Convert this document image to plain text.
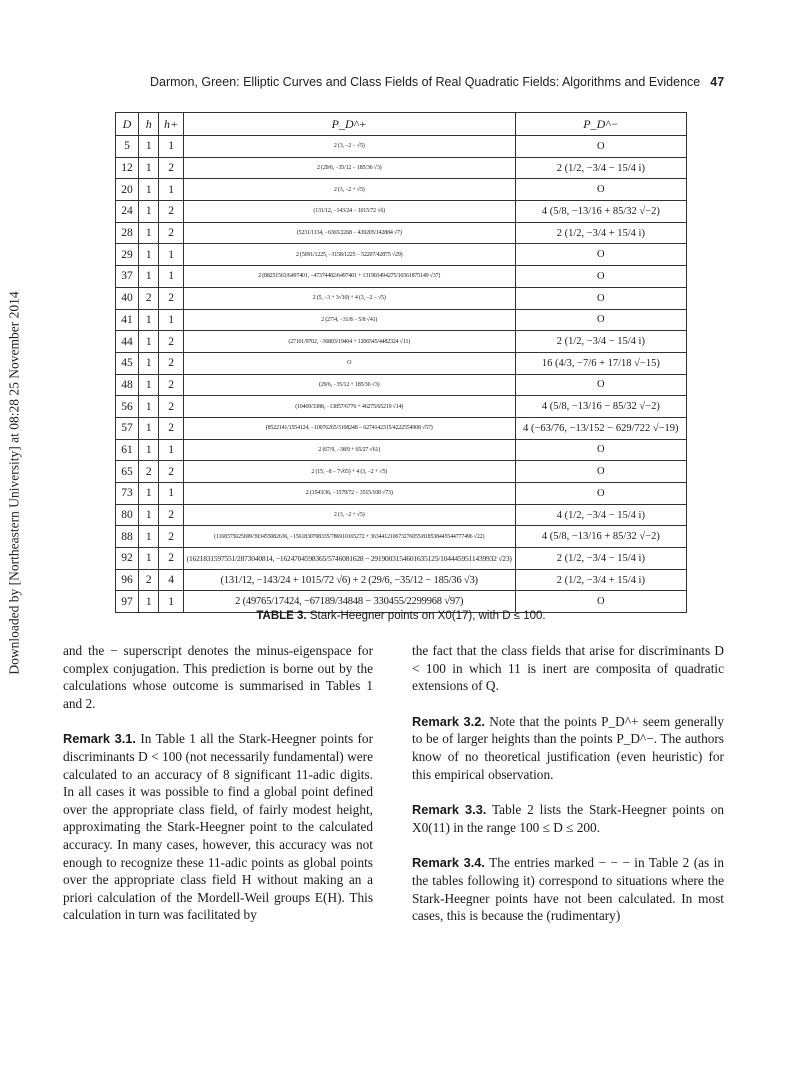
Downloaded by [Northeastern University] at 08:28 25 November 2014
Darmon, Green: Elliptic Curves and Class Fields of Real Quadratic Fields: Algorithms and Evidence 47
D	h	h+	P_D^+	P_D^−
5	1	1	2 (3, −2 − √5)	O
12	1	2	2 (29/6, −35/12 − 185/36 √3)	2 (1/2, −3/4 − 15/4 i)
20	1	1	2 (3, −2 + √5)	O
24	1	2	(131/12, −143/24 − 1015/72 √6)	4 (5/8, −13/16 + 85/32 √−2)
28	1	2	(5231/1134, −6365/2268 − 439205/142884 √7)	2 (1/2, −3/4 + 15/4 i)
29	1	1	2 (5091/1225, −3158/1225 − 52207/42875 √29)	O
37	1	1	2 (88251563/6497401, −47374482/6497401 + 131903494275/16561875149 √37)	O
40	2	2	2 (5, −3 + 3√10) + 4 (3, −2 − √5)	O
41	1	1	2 (27/4, −31/8 − 5/8 √41)	O
44	1	2	(27101/9702, −36803/19404 + 1206545/4482324 √11)	2 (1/2, −3/4 − 15/4 i)
45	1	2	O	16 (4/3, −7/6 + 17/18 √−15)
48	1	2	(29/6, −35/12 + 185/36 √3)	O
56	1	2	(10469/3388, −13857/6776 + 46275/65219 √14)	4 (5/8, −13/16 − 85/32 √−2)
57	1	2	(8522141/1554124, −10076265/3108248 − 6274142315/4222554908 √57)	4 (−63/76, −13/152 − 629/722 √−19)
61	1	1	2 (67/9, −38/9 + 65/27 √61)	O
65	2	2	2 (15, −8 − 7√65) + 4 (3, −2 + √5)	O
73	1	1	2 (1543/36, −1579/72 − 3515/108 √73)	O
80	1	2	2 (3, −2 + √5)	4 (1/2, −3/4 − 15/4 i)
88	1	2	(1168375625699/393455082636, −1561830708335/786910165272 + 363441210673276055/818538445544777496 √22)	4 (5/8, −13/16 + 85/32 √−2)
92	1	2	(1621831597551/2873040814, −1624704598365/5746081628 − 2919003154601635125/1044459511439932 √23)	2 (1/2, −3/4 − 15/4 i)
96	2	4	(131/12, −143/24 + 1015/72 √6) + 2 (29/6, −35/12 − 185/36 √3)	2 (1/2, −3/4 + 15/4 i)
97	1	1	2 (49765/17424, −67189/34848 − 330455/2299968 √97)	O
TABLE 3. Stark-Heegner points on X0(17), with D ≤ 100.

and the − superscript denotes the minus-eigenspace for complex conjugation. This prediction is borne out by the calculations whose outcome is summarised in Tables 1 and 2.

Remark 3.1. In Table 1 all the Stark-Heegner points for discriminants D < 100 (not necessarily fundamental) were calculated to an accuracy of 8 significant 11-adic digits. In all cases it was possible to find a global point defined over the appropriate class field, of fairly modest height, approximating the Stark-Heegner point to the calculated accuracy. In many cases, however, this accuracy was not enough to recognize these 11-adic points as global points over the appropriate class field H without making an a priori calculation of the Mordell-Weil groups E(H). This calculation in turn was facilitated by

the fact that the class fields that arise for discriminants D < 100 in which 11 is inert are composita of quadratic extensions of Q.

Remark 3.2. Note that the points P_D^+ seem generally to be of larger heights than the points P_D^−. The authors know of no theoretical justification (even heuristic) for this empirical observation.

Remark 3.3. Table 2 lists the Stark-Heegner points on X0(11) in the range 100 ≤ D ≤ 200.

Remark 3.4. The entries marked − − − in Table 2 (as in the tables following it) correspond to situations where the Stark-Heegner points have not been calculated. In most cases, this is because the (rudimentary)
